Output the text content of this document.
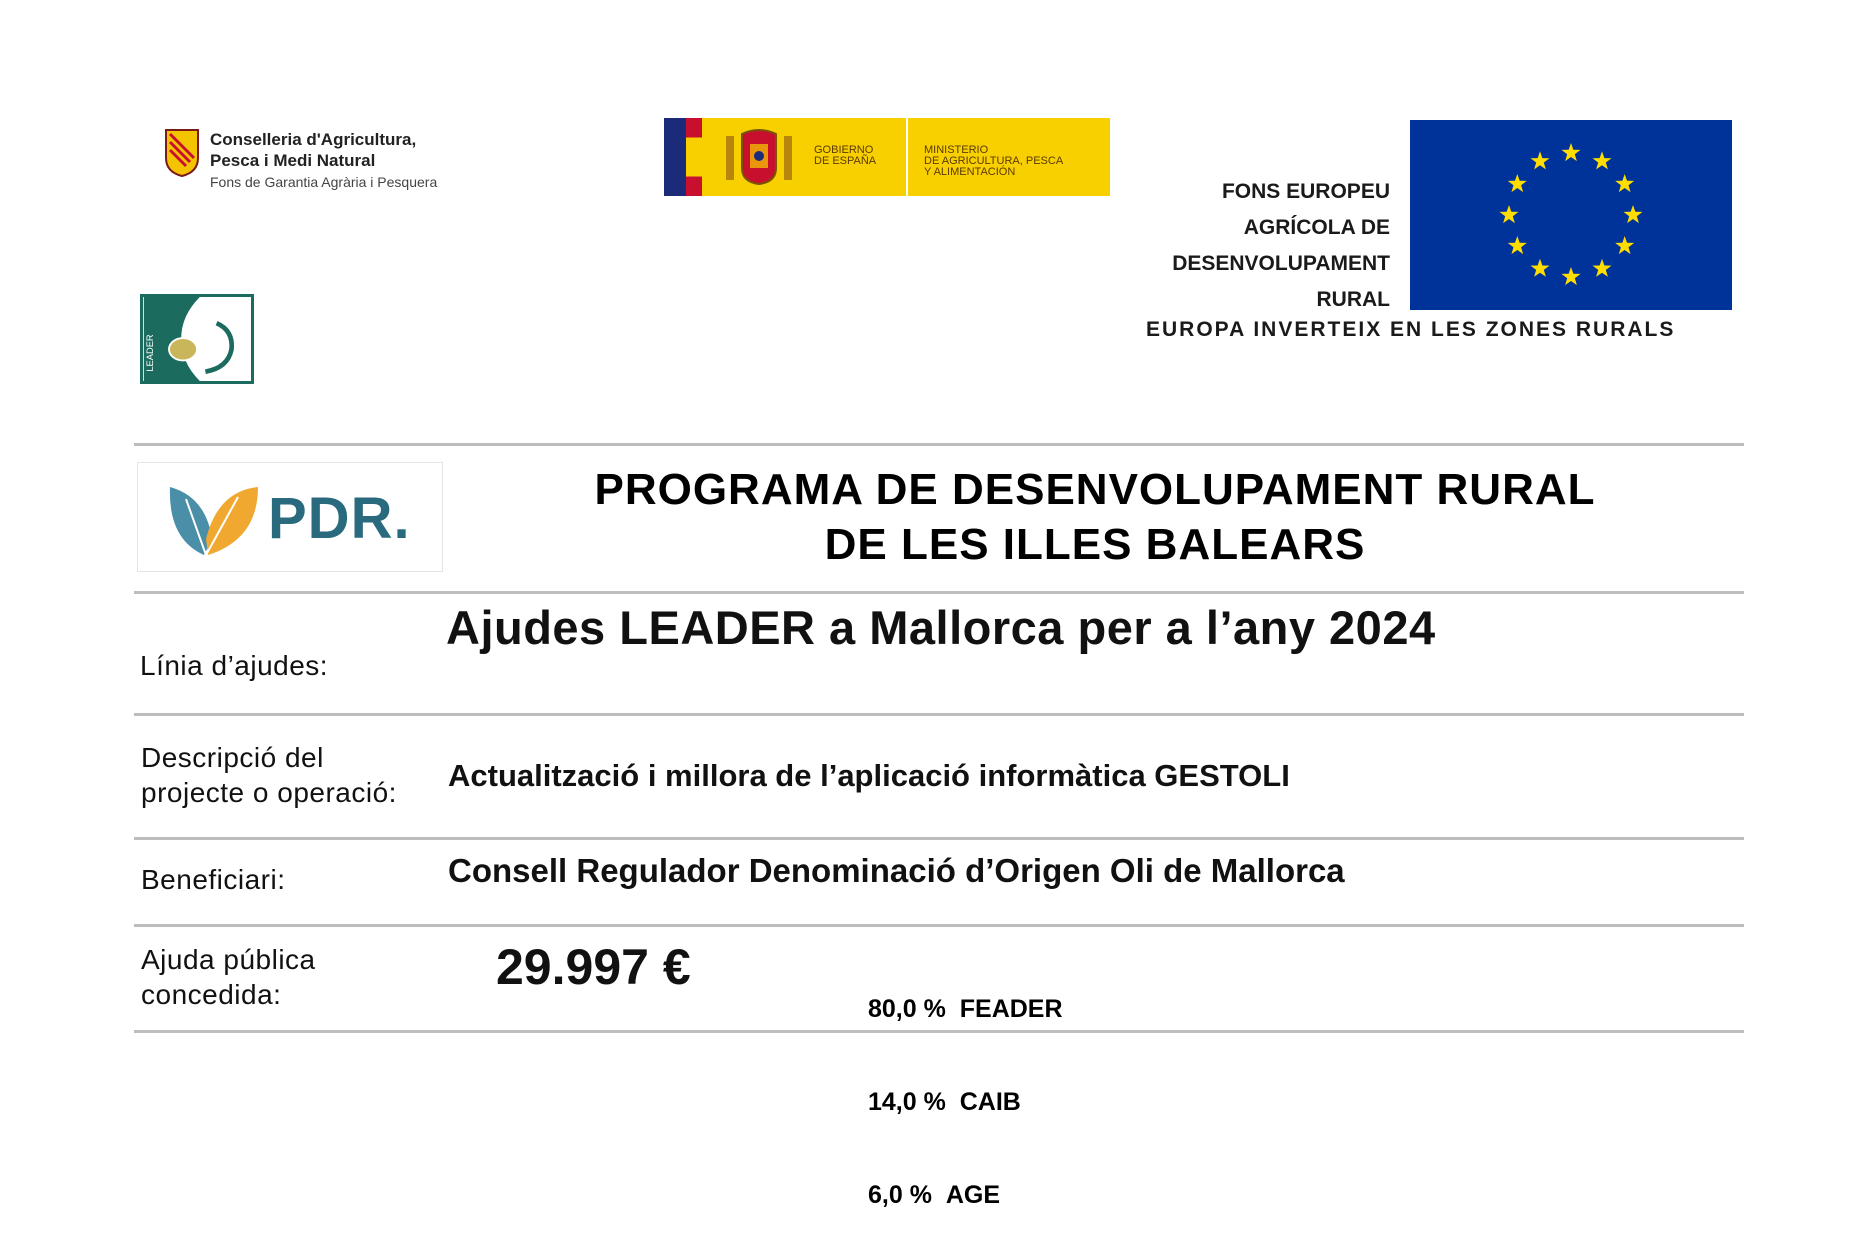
Conselleria d'Agricultura,
Pesca i Medi Natural
Fons de Garantia Agrària i Pesquera
GOBIERNO
DE ESPAÑA
MINISTERIO
DE AGRICULTURA, PESCA
Y ALIMENTACIÓN
FONS EUROPEU
AGRÍCOLA DE
DESENVOLUPAMENT
RURAL
EUROPA INVERTEIX EN LES ZONES RURALS
LEADER
PDR.	PROGRAMA DE DESENVOLUPAMENT RURAL
DE LES ILLES BALEARS
Línia d’ajudes:
Ajudes LEADER a Mallorca per a l’any 2024
Descripció del
projecte o operació: Actualització i millora de l’aplicació informàtica GESTOLI
Beneficiari:	Consell Regulador Denominació d’Origen Oli de Mallorca
Ajuda pública
concedida:	29.997 €

80,0 % FEADER

14,0 % CAIB

6,0 % AGE
